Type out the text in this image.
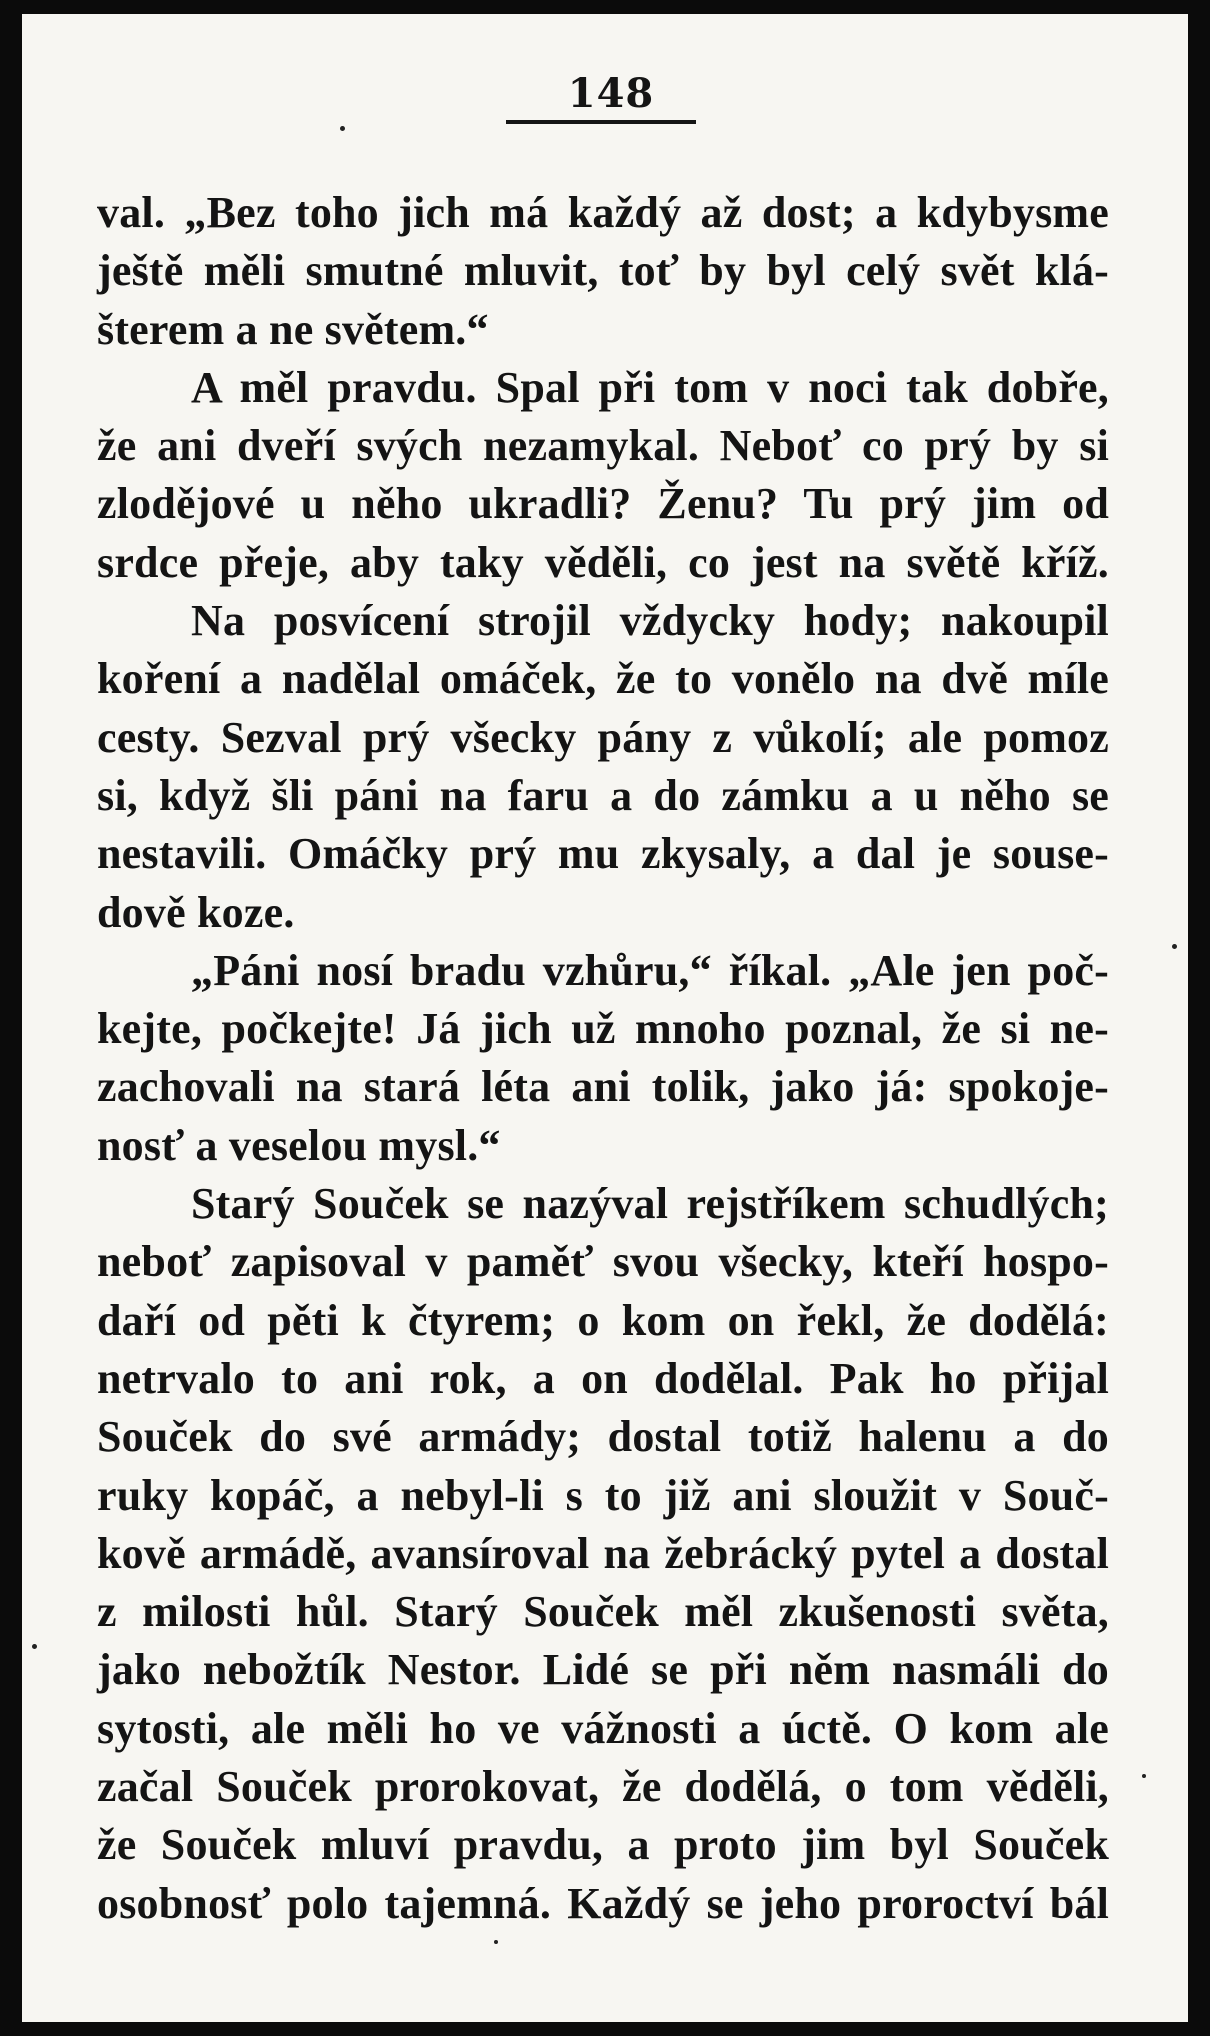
148
val. „Bez toho jich má každý až dost; a kdybysme
ještě měli smutné mluvit, toť by byl celý svět klá-
šterem a ne světem.“
A měl pravdu. Spal při tom v noci tak dobře,
že ani dveří svých nezamykal. Neboť co prý by si
zlodějové u něho ukradli? Ženu? Tu prý jim od
srdce přeje, aby taky věděli, co jest na světě kříž.
Na posvícení strojil vždycky hody; nakoupil
koření a nadělal omáček, že to vonělo na dvě míle
cesty. Sezval prý všecky pány z vůkolí; ale pomoz
si, když šli páni na faru a do zámku a u něho se
nestavili. Omáčky prý mu zkysaly, a dal je souse-
dově koze.
„Páni nosí bradu vzhůru,“ říkal. „Ale jen poč-
kejte, počkejte! Já jich už mnoho poznal, že si ne-
zachovali na stará léta ani tolik, jako já: spokoje-
nosť a veselou mysl.“
Starý Souček se nazýval rejstříkem schudlých;
neboť zapisoval v paměť svou všecky, kteří hospo-
daří od pěti k čtyrem; o kom on řekl, že dodělá:
netrvalo to ani rok, a on dodělal. Pak ho přijal
Souček do své armády; dostal totiž halenu a do
ruky kopáč, a nebyl-li s to již ani sloužit v Souč-
kově armádě, avansíroval na žebrácký pytel a dostal
z milosti hůl. Starý Souček měl zkušenosti světa,
jako nebožtík Nestor. Lidé se při něm nasmáli do
sytosti, ale měli ho ve vážnosti a úctě. O kom ale
začal Souček prorokovat, že dodělá, o tom věděli,
že Souček mluví pravdu, a proto jim byl Souček
osobnosť polo tajemná. Každý se jeho proroctví bál
